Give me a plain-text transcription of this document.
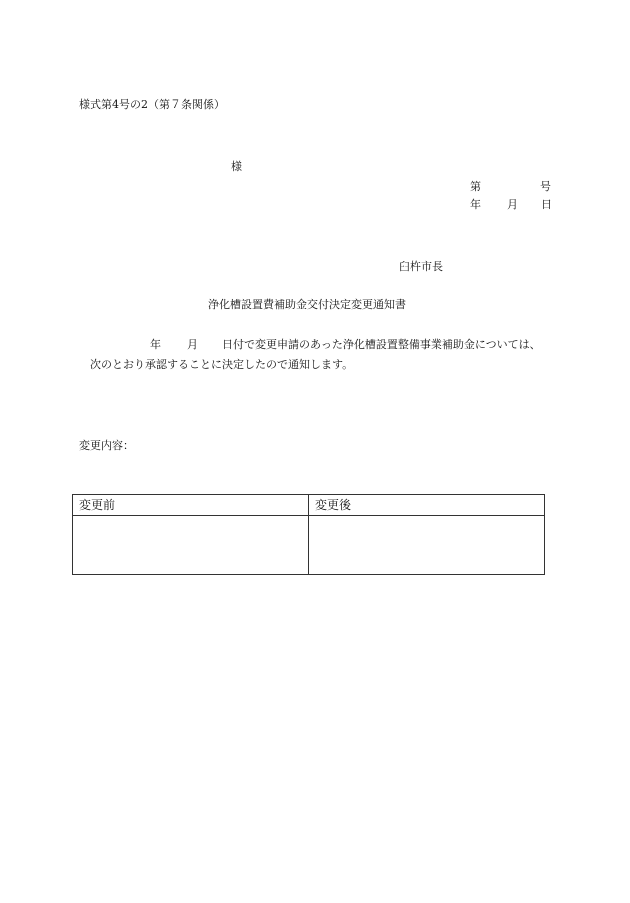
様式第4号の2（第７条関係）
様
第	号
年 月 日
臼杵市長
浄化槽設置費補助金交付決定変更通知書
年 月 日付で変更申請のあった浄化槽設置整備事業補助金については、
次のとおり承認することに決定したので通知します。
変更内容：
変更前	変更後
